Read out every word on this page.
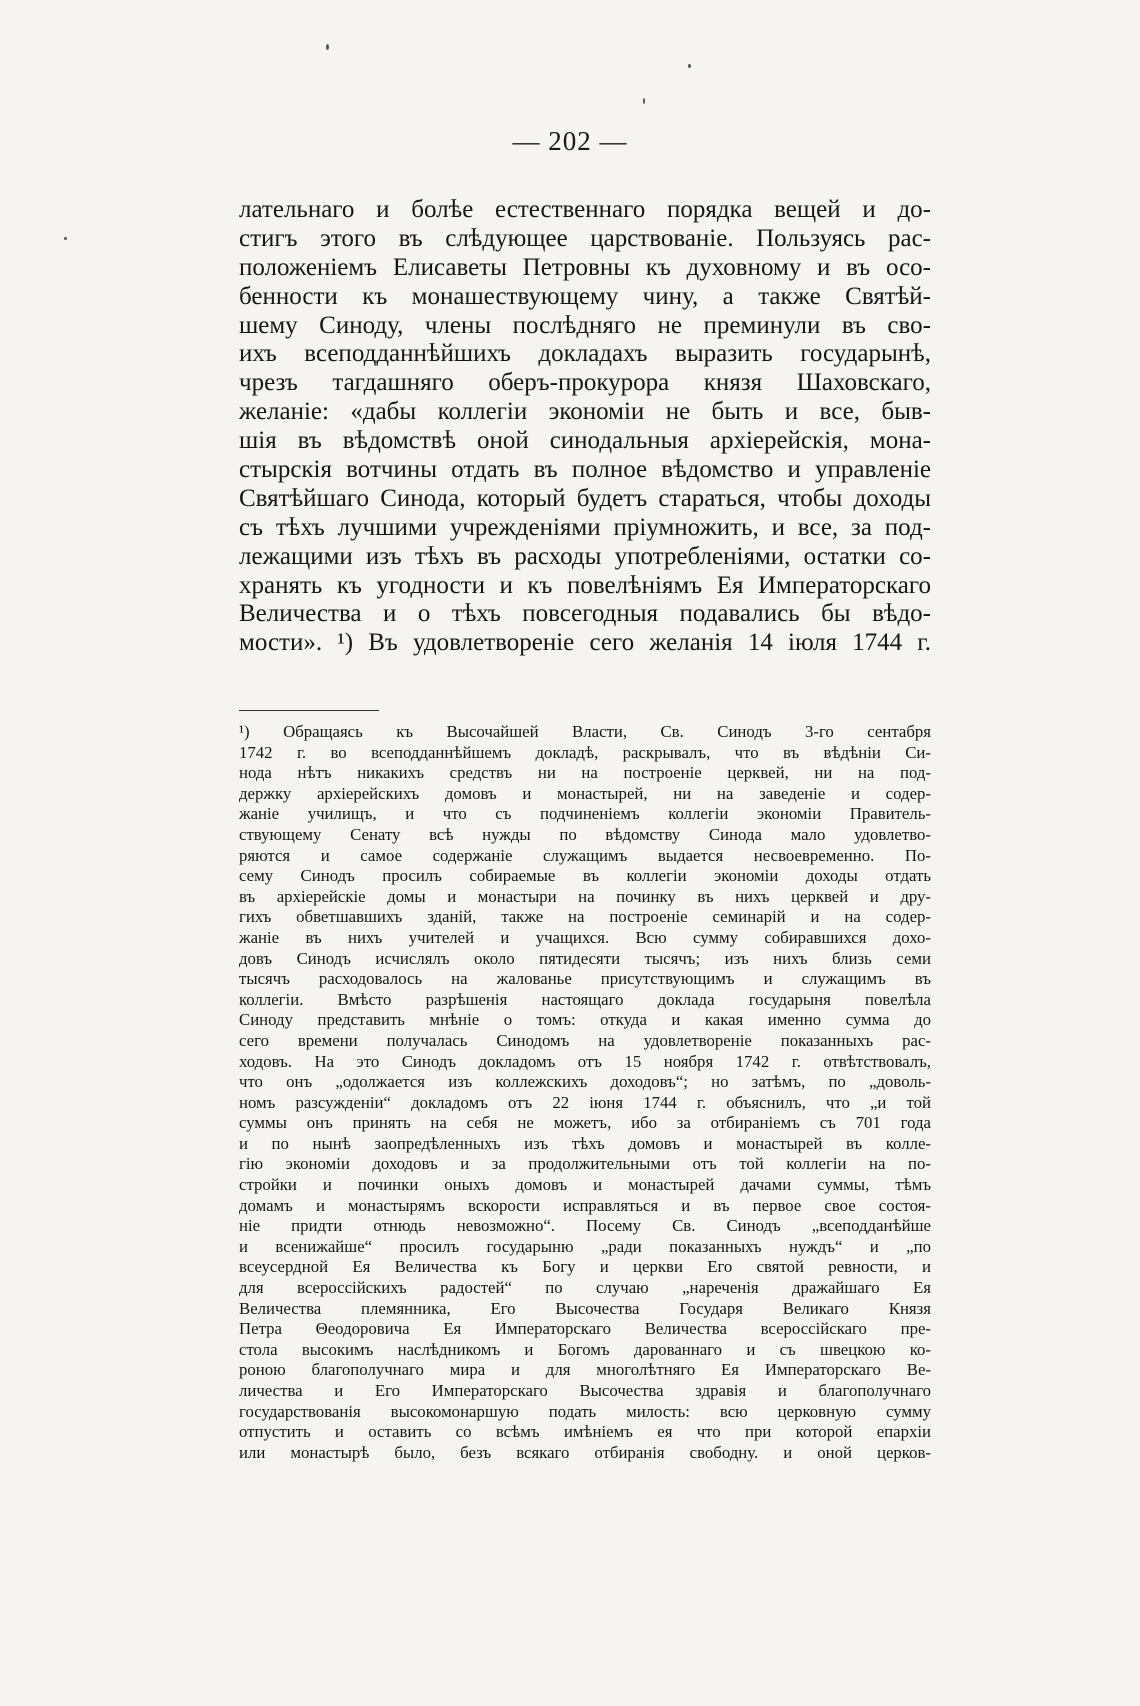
— 202 —
лательнаго и болѣе естественнаго порядка вещей и до-
стигъ этого въ слѣдующее царствованіе. Пользуясь рас-
положеніемъ Елисаветы Петровны къ духовному и въ осо-
бенности къ монашествующему чину, а также Святѣй-
шему Синоду, члены послѣдняго не преминули въ сво-
ихъ всеподданнѣйшихъ докладахъ выразить государынѣ,
чрезъ тагдашняго оберъ-прокурора князя Шаховскаго,
желаніе: «дабы коллегіи экономіи не быть и все, быв-
шія въ вѣдомствѣ оной синодальныя архіерейскія, мона-
стырскія вотчины отдать въ полное вѣдомство и управленіе
Святѣйшаго Синода, который будетъ стараться, чтобы доходы
съ тѣхъ лучшими учрежденіями пріумножить, и все, за под-
лежащими изъ тѣхъ въ расходы употребленіями, остатки со-
хранять къ угодности и къ повелѣніямъ Ея Императорскаго
Величества и о тѣхъ повсегодныя подавались бы вѣдо-
мости». ¹) Въ удовлетвореніе сего желанія 14 іюля 1744 г.
¹) Обращаясь къ Высочайшей Власти, Св. Синодъ 3-го сентабря
1742 г. во всеподданнѣйшемъ докладѣ, раскрывалъ, что въ вѣдѣніи Си-
нода нѣтъ никакихъ средствъ ни на построеніе церквей, ни на под-
держку архіерейскихъ домовъ и монастырей, ни на заведеніе и содер-
жаніе училищъ, и что съ подчиненіемъ коллегіи экономіи Правитель-
ствующему Сенату всѣ нужды по вѣдомству Синода мало удовлетво-
ряются и самое содержаніе служащимъ выдается несвоевременно. По-
сему Синодъ просилъ собираемые въ коллегіи экономіи доходы отдать
въ архіерейскіе домы и монастыри на починку въ нихъ церквей и дру-
гихъ обветшавшихъ зданій, также на построеніе семинарій и на содер-
жаніе въ нихъ учителей и учащихся. Всю сумму собиравшихся дохо-
довъ Синодъ исчислялъ около пятидесяти тысячъ; изъ нихъ близь семи
тысячъ расходовалось на жалованье присутствующимъ и служащимъ въ
коллегіи. Вмѣсто разрѣшенія настоящаго доклада государыня повелѣла
Синоду представить мнѣніе о томъ: откуда и какая именно сумма до
сего времени получалась Синодомъ на удовлетвореніе показанныхъ рас-
ходовъ. На это Синодъ докладомъ отъ 15 ноября 1742 г. отвѣтствовалъ,
что онъ „одолжается изъ коллежскихъ доходовъ“; но затѣмъ, по „доволь-
номъ разсужденіи“ докладомъ отъ 22 іюня 1744 г. объяснилъ, что „и той
суммы онъ принять на себя не можетъ, ибо за отбираніемъ съ 701 года
и по нынѣ заопредѣленныхъ изъ тѣхъ домовъ и монастырей въ колле-
гію экономіи доходовъ и за продолжительными отъ той коллегіи на по-
стройки и починки оныхъ домовъ и монастырей дачами суммы, тѣмъ
домамъ и монастырямъ вскорости исправляться и въ первое свое состоя-
ніе придти отнюдь невозможно“. Посему Св. Синодъ „всеподданѣйше
и всенижайше“ просилъ государыню „ради показанныхъ нуждъ“ и „по
всеусердной Ея Величества къ Богу и церкви Его святой ревности, и
для всероссійскихъ радостей“ по случаю „нареченія дражайшаго Ея
Величества племянника, Его Высочества Государя Великаго Князя
Петра Θеодоровича Ея Императорскаго Величества всероссійскаго пре-
стола высокимъ наслѣдникомъ и Богомъ дарованнаго и съ швецкою ко-
роною благополучнаго мира и для многолѣтняго Ея Императорскаго Ве-
личества и Его Императорскаго Высочества здравія и благополучнаго
государствованія высокомонаршую подать милость: всю церковную сумму
отпустить и оставить со всѣмъ имѣніемъ ея что при которой епархіи
или монастырѣ было, безъ всякаго отбиранія свободну. и оной церков-
